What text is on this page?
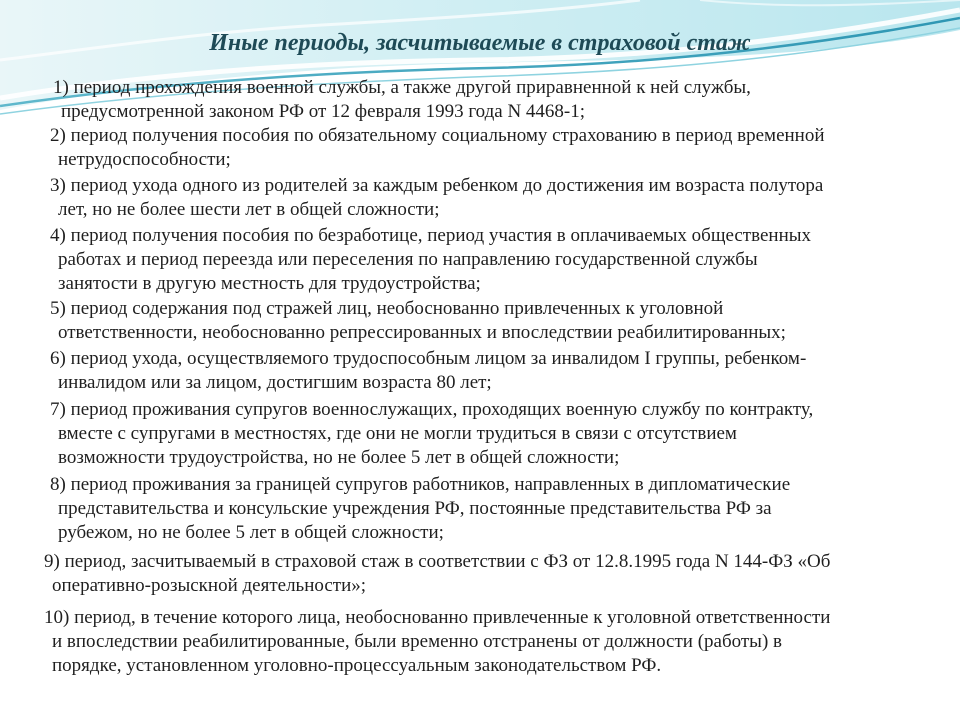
Иные периоды, засчитываемые в страховой стаж
1) период прохождения военной службы, а также другой приравненной к ней службы,
предусмотренной законом РФ от 12 февраля 1993 года N 4468-1;
2) период получения пособия по обязательному социальному страхованию в период временной
нетрудоспособности;
3) период ухода одного из родителей за каждым ребенком до достижения им возраста полутора
лет, но не более шести лет в общей сложности;
4) период получения пособия по безработице, период участия в оплачиваемых общественных
работах и период переезда или переселения по направлению государственной службы
занятости в другую местность для трудоустройства;
5) период содержания под стражей лиц, необоснованно привлеченных к уголовной
ответственности, необоснованно репрессированных и впоследствии реабилитированных;
6) период ухода, осуществляемого трудоспособным лицом за инвалидом I группы, ребенком-
инвалидом или за лицом, достигшим возраста 80 лет;
7) период проживания супругов военнослужащих, проходящих военную службу по контракту,
вместе с супругами в местностях, где они не могли трудиться в связи с отсутствием
возможности трудоустройства, но не более 5 лет в общей сложности;
8) период проживания за границей супругов работников, направленных в дипломатические
представительства и консульские учреждения РФ, постоянные представительства РФ за
рубежом, но не более 5 лет в общей сложности;
9) период, засчитываемый в страховой стаж в соответствии с ФЗ от 12.8.1995 года N 144-ФЗ «Об
оперативно-розыскной деятельности»;
10) период, в течение которого лица, необоснованно привлеченные к уголовной ответственности
и впоследствии реабилитированные, были временно отстранены от должности (работы) в
порядке, установленном уголовно-процессуальным законодательством РФ.
